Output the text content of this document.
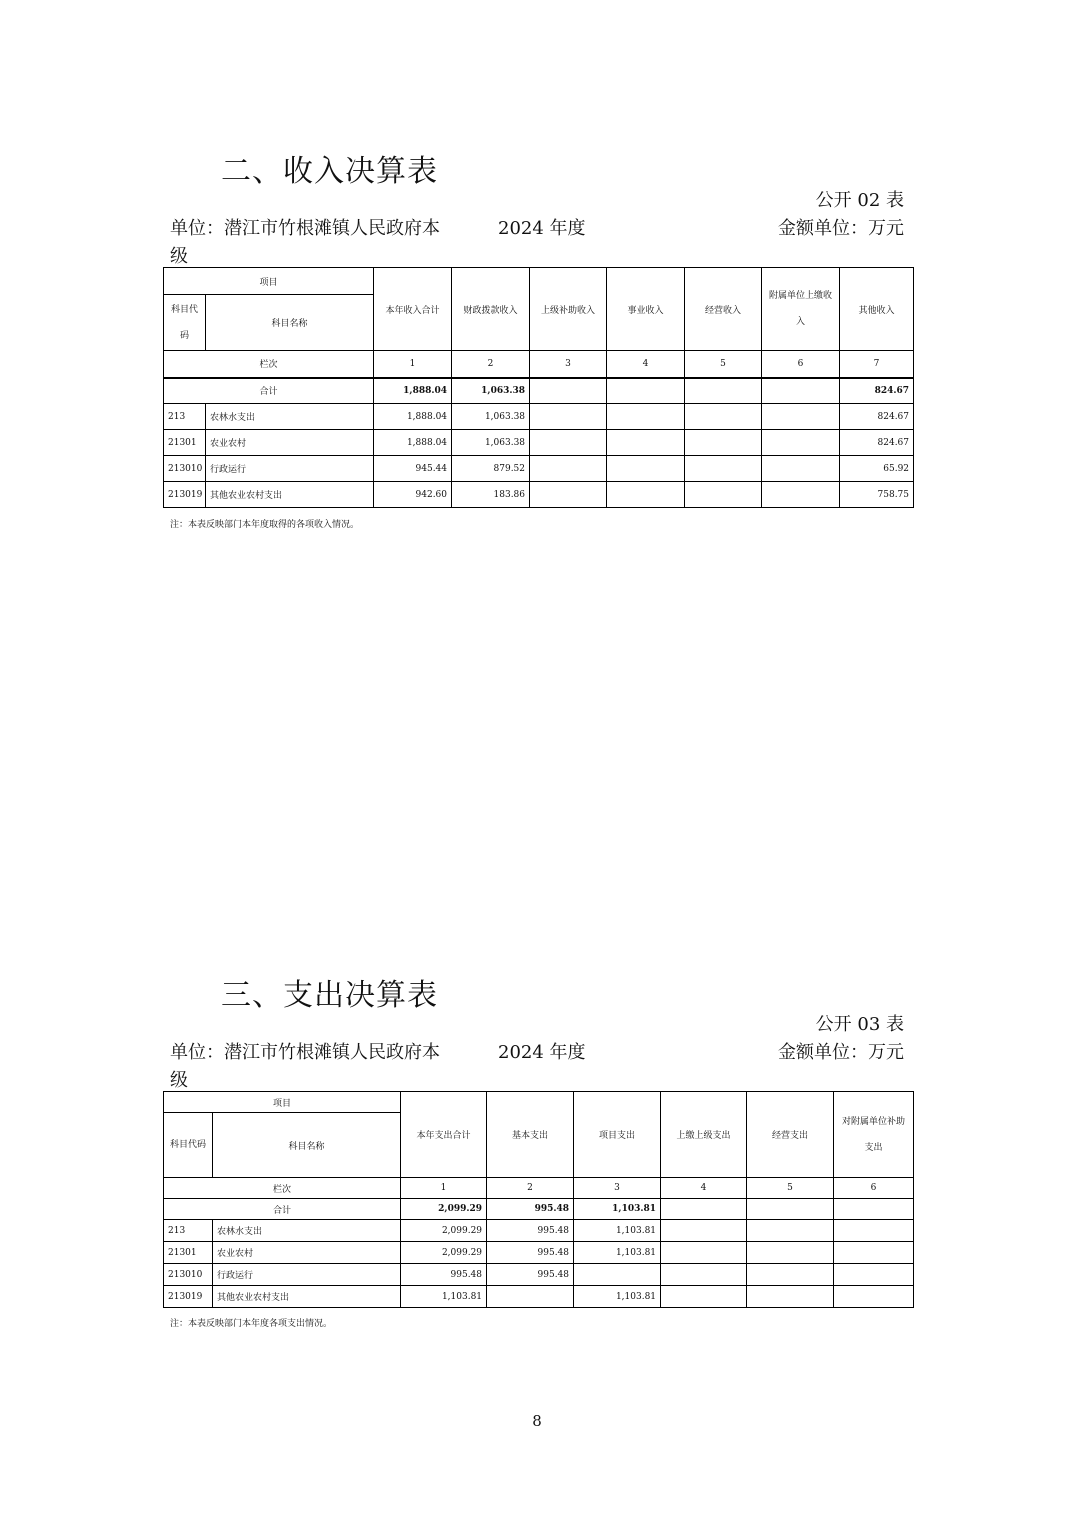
二、收入决算表
公开 02 表
单位：潜江市竹根滩镇人民政府本	2024 年度	金额单位：万元
级
项目		本年收入合计	财政拨款收入	上级补助收入	事业收入	经营收入	附属单位上缴收入	其他收入
科目代码	科目名称							
栏次		1	2	3	4	5	6	7
合计		1,888.04	1,063.38					824.67
213	农林水支出	1,888.04	1,063.38					824.67
21301	农业农村	1,888.04	1,063.38					824.67
213010	行政运行	945.44	879.52					65.92
213019	其他农业农村支出	942.60	183.86					758.75
注：本表反映部门本年度取得的各项收入情况。
三、支出决算表
公开 03 表
单位：潜江市竹根滩镇人民政府本	2024 年度	金额单位：万元
级
项目		本年支出合计	基本支出	项目支出	上缴上级支出	经营支出	对附属单位补助支出
科目代码	科目名称						
栏次		1	2	3	4	5	6
合计		2,099.29	995.48	1,103.81			
213	农林水支出	2,099.29	995.48	1,103.81			
21301	农业农村	2,099.29	995.48	1,103.81			
213010	行政运行	995.48	995.48				
213019	其他农业农村支出	1,103.81		1,103.81			
注：本表反映部门本年度各项支出情况。
8
